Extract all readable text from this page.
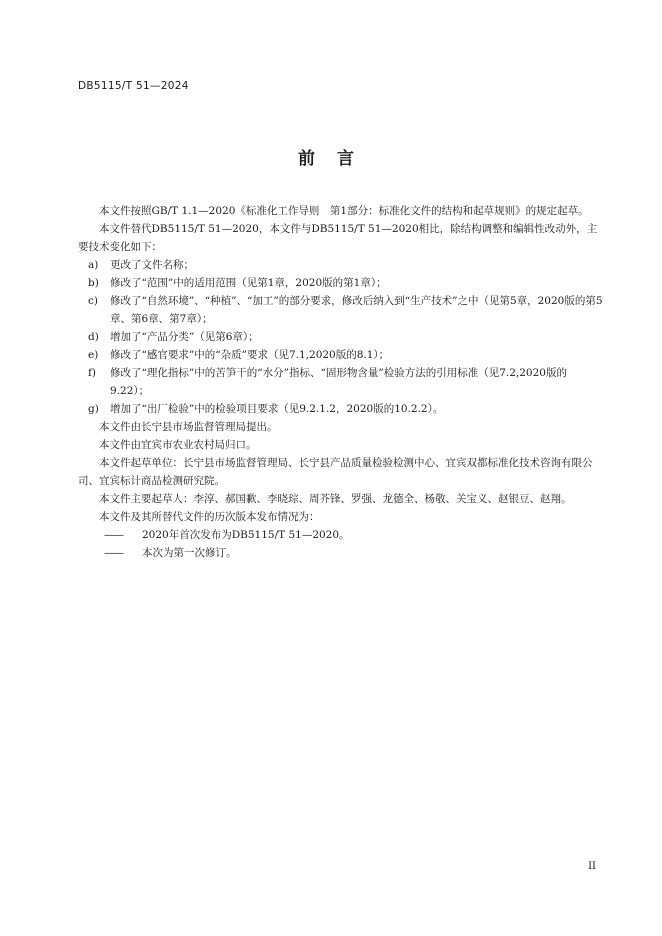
DB5115/T 51—2024
前言

本文件按照GB/T 1.1—2020《标准化工作导则　第1部分：标准化文件的结构和起草规则》的规定起草。

本文件替代DB5115/T 51—2020，本文件与DB5115/T 51—2020相比，除结构调整和编辑性改动外，主要技术变化如下：

a) 更改了文件名称；

b) 修改了“范围”中的适用范围（见第1章，2020版的第1章）；

c) 修改了“自然环境”、“种植”、“加工”的部分要求，修改后纳入到“生产技术”之中（见第5章，2020版的第5章、第6章、第7章）；

d) 增加了“产品分类”（见第6章）；

e) 修改了“感官要求”中的“杂质”要求（见7.1,2020版的8.1）；

f) 修改了“理化指标”中的苦笋干的“水分”指标、“固形物含量”检验方法的引用标准（见7.2,2020版的9.22）；

g) 增加了“出厂检验”中的检验项目要求（见9.2.1.2，2020版的10.2.2）。

本文件由长宁县市场监督管理局提出。

本文件由宜宾市农业农村局归口。

本文件起草单位：长宁县市场监督管理局、长宁县产品质量检验检测中心、宜宾双都标准化技术咨询有限公司、宜宾标计商品检测研究院。

本文件主要起草人：李淳、郝国歉、李晓琮、周芥锋、罗强、龙德全、杨敬、关宝义、赵银豆、赵翔。

本文件及其所替代文件的历次版本发布情况为：

—— 2020年首次发布为DB5115/T 51—2020。

—— 本次为第一次修订。

II
